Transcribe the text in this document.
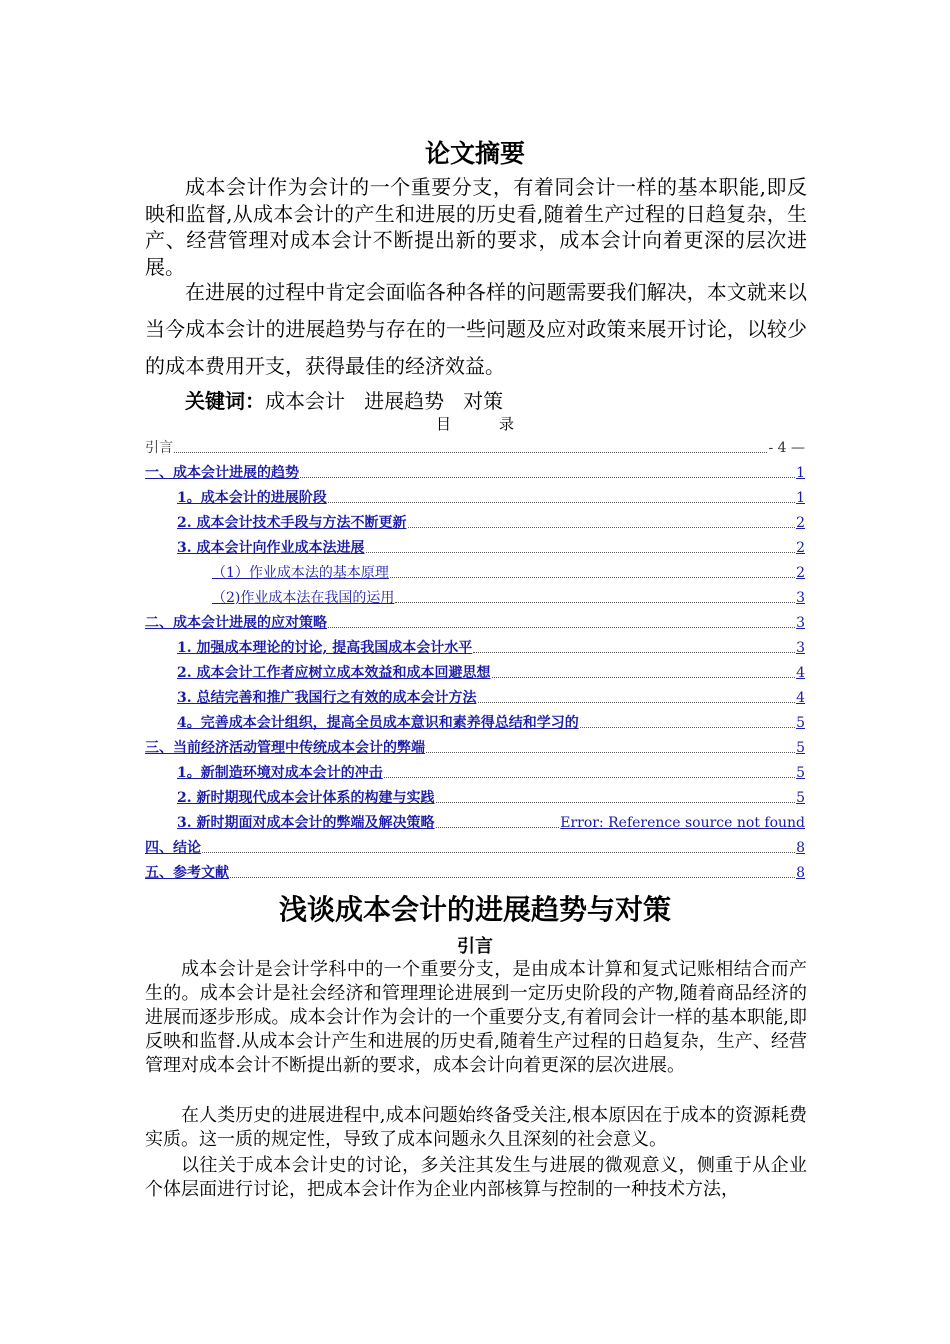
论文摘要

成本会计作为会计的一个重要分支，有着同会计一样的基本职能,即反映和监督,从成本会计的产生和进展的历史看,随着生产过程的日趋复杂，生产、经营管理对成本会计不断提出新的要求，成本会计向着更深的层次进展。

在进展的过程中肯定会面临各种各样的问题需要我们解决，本文就来以当今成本会计的进展趋势与存在的一些问题及应对政策来展开讨论，以较少的成本费用开支，获得最佳的经济效益。

关键词：成本会计   进展趋势   对策
目	录
引言	- 4 —
一、成本会计进展的趋势	1
1。成本会计的进展阶段	1
2. 成本会计技术手段与方法不断更新	2
3. 成本会计向作业成本法进展	2
（1）作业成本法的基本原理	2
（2)作业成本法在我国的运用	3
二、成本会计进展的应对策略	3
1. 加强成本理论的讨论, 提高我国成本会计水平	3
2. 成本会计工作者应树立成本效益和成本回避思想	4
3. 总结完善和推广我国行之有效的成本会计方法	4
4。完善成本会计组织，提高全员成本意识和素养得总结和学习的	5
三、当前经济活动管理中传统成本会计的弊端	5
1。新制造环境对成本会计的冲击	5
2. 新时期现代成本会计体系的构建与实践	5
3. 新时期面对成本会计的弊端及解决策略	Error: Reference source not found
四、结论	8
五、参考文献	8
浅谈成本会计的进展趋势与对策
引言

成本会计是会计学科中的一个重要分支，是由成本计算和复式记账相结合而产生的。成本会计是社会经济和管理理论进展到一定历史阶段的产物,随着商品经济的进展而逐步形成。成本会计作为会计的一个重要分支,有着同会计一样的基本职能,即反映和监督.从成本会计产生和进展的历史看,随着生产过程的日趋复杂，生产、经营管理对成本会计不断提出新的要求，成本会计向着更深的层次进展。

在人类历史的进展进程中,成本问题始终备受关注,根本原因在于成本的资源耗费实质。这一质的规定性，导致了成本问题永久且深刻的社会意义。

以往关于成本会计史的讨论，多关注其发生与进展的微观意义，侧重于从企业个体层面进行讨论，把成本会计作为企业内部核算与控制的一种技术方法，
